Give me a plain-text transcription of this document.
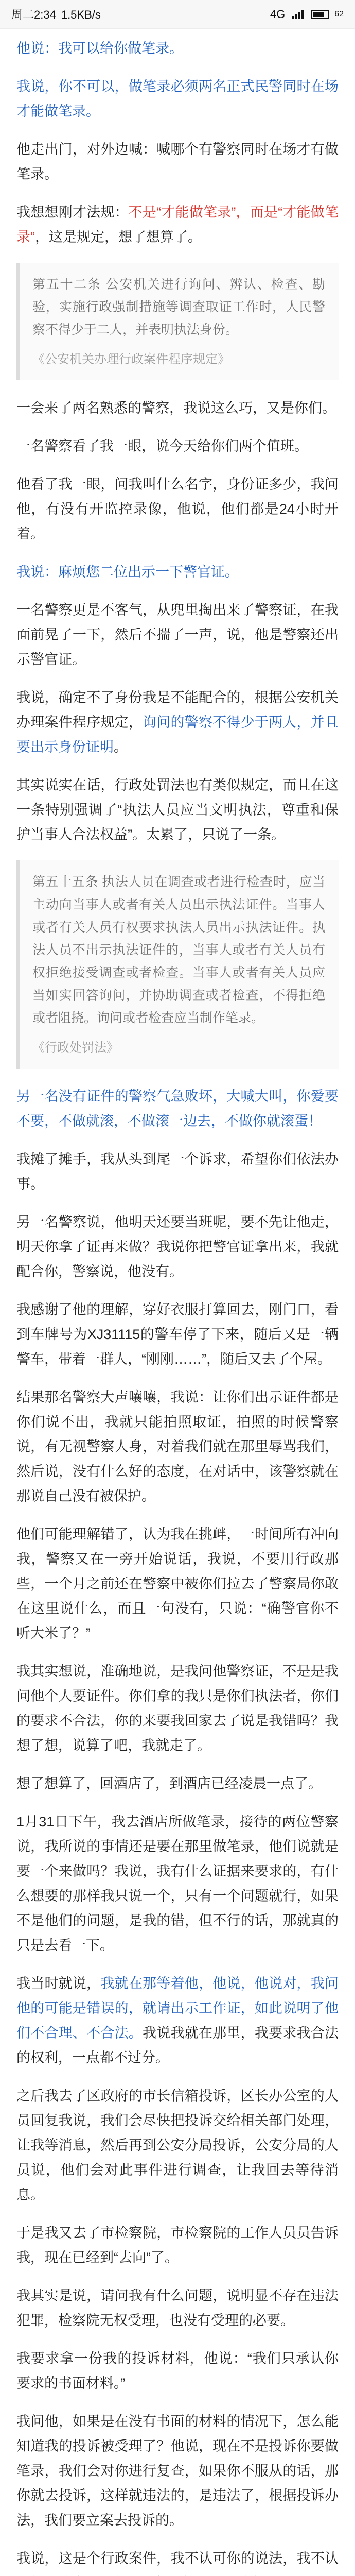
周二2:34 1.5KB/s	4G	62

他说：我可以给你做笔录。

我说，你不可以，做笔录必须两名正式民警同时在场才能做笔录。

他走出门，对外边喊：喊哪个有警察同时在场才有做笔录。

我想想刚才法规：不是“才能做笔录”，而是“才能做笔录”，这是规定，想了想算了。

第五十二条 公安机关进行询问、辨认、检查、勘验，实施行政强制措施等调查取证工作时，人民警察不得少于二人，并表明执法身份。

《公安机关办理行政案件程序规定》

一会来了两名熟悉的警察，我说这么巧，又是你们。

一名警察看了我一眼，说今天给你们两个值班。

他看了我一眼，问我叫什么名字，身份证多少，我问他，有没有开监控录像，他说，他们都是24小时开着。

我说：麻烦您二位出示一下警官证。

一名警察更是不客气，从兜里掏出来了警察证，在我面前晃了一下，然后不揣了一声，说，他是警察还出示警官证。

我说，确定不了身份我是不能配合的，根据公安机关办理案件程序规定，询问的警察不得少于两人，并且要出示身份证明。

其实说实在话，行政处罚法也有类似规定，而且在这一条特别强调了“执法人员应当文明执法，尊重和保护当事人合法权益”。太累了，只说了一条。

第五十五条 执法人员在调查或者进行检查时，应当主动向当事人或者有关人员出示执法证件。当事人或者有关人员有权要求执法人员出示执法证件。执法人员不出示执法证件的，当事人或者有关人员有权拒绝接受调查或者检查。当事人或者有关人员应当如实回答询问，并协助调查或者检查，不得拒绝或者阻挠。询问或者检查应当制作笔录。

《行政处罚法》

另一名没有证件的警察气急败坏，大喊大叫，你爱要不要，不做就滚，不做滚一边去，不做你就滚蛋！

我摊了摊手，我从头到尾一个诉求，希望你们依法办事。

另一名警察说，他明天还要当班呢，要不先让他走，明天你拿了证再来做？我说你把警官证拿出来，我就配合你，警察说，他没有。

我感谢了他的理解，穿好衣服打算回去，刚门口，看到车牌号为XJ31115的警车停了下来，随后又是一辆警车，带着一群人，“刚刚……”，随后又去了个屋。

结果那名警察大声嚷嚷，我说：让你们出示证件都是你们说不出，我就只能拍照取证，拍照的时候警察说，有无视警察人身，对着我们就在那里辱骂我们，然后说，没有什么好的态度，在对话中，该警察就在那说自己没有被保护。

他们可能理解错了，认为我在挑衅，一时间所有冲向我，警察又在一旁开始说话，我说，不要用行政那些，一个月之前还在警察中被你们拉去了警察局你敢在这里说什么，而且一句没有，只说：“确警官你不听大米了？”

我其实想说，准确地说，是我问他警察证，不是是我问他个人要证件。你们拿的我只是你们执法者，你们的要求不合法，你的来要我回家去了说是我错吗？我想了想，说算了吧，我就走了。

想了想算了，回酒店了，到酒店已经凌晨一点了。

1月31日下午，我去酒店所做笔录，接待的两位警察说，我所说的事情还是要在那里做笔录，他们说就是要一个来做吗？我说，我有什么证据来要求的，有什么想要的那样我只说一个，只有一个问题就行，如果不是他们的问题，是我的错，但不行的话，那就真的只是去看一下。

我当时就说，我就在那等着他，他说，他说对，我问他的可能是错误的，就请出示工作证，如此说明了他们不合理、不合法。我说我就在那里，我要求我合法的权利，一点都不过分。

之后我去了区政府的市长信箱投诉，区长办公室的人员回复我说，我们会尽快把投诉交给相关部门处理，让我等消息，然后再到公安分局投诉，公安分局的人员说，他们会对此事件进行调查，让我回去等待消息。

于是我又去了市检察院，市检察院的工作人员员告诉我，现在已经到“去向”了。

我其实是说，请问我有什么问题，说明显不存在违法犯罪，检察院无权受理，也没有受理的必要。

我要求拿一份我的投诉材料，他说：“我们只承认你要求的书面材料。”

我问他，如果是在没有书面的材料的情况下，怎么能知道我的投诉被受理了？他说，现在不是投诉你要做笔录，我们会对你进行复查，如果你不服从的话，那你就去投诉，这样就违法的，是违法了，根据投诉办法，我们要立案去投诉的。

我说，这是个行政案件，我不认可你的说法，我不认
